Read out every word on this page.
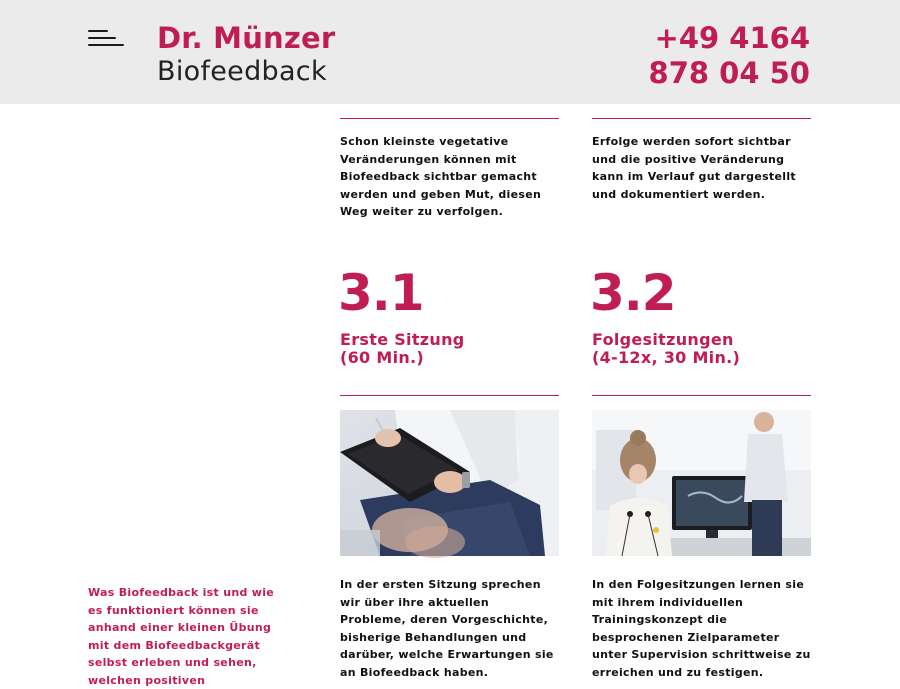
Dr. Münzer
Biofeedback
+49 4164
878 04 50

Schon kleinste vegetative Veränderungen können mit Biofeedback sichtbar gemacht werden und geben Mut, diesen Weg weiter zu verfolgen.

Erfolge werden sofort sichtbar und die positive Veränderung kann im Verlauf gut dargestellt und dokumentiert werden.

3.1
Erste Sitzung
(60 Min.)
3.2
Folgesitzungen
(4-12x, 30 Min.)

In der ersten Sitzung sprechen wir über ihre aktuellen Probleme, deren Vorgeschichte, bisherige Behandlungen und darüber, welche Erwartungen sie an Biofeedback haben.

In den Folgesitzungen lernen sie mit ihrem individuellen Trainingskonzept die besprochenen Zielparameter unter Supervision schrittweise zu erreichen und zu festigen.

Was Biofeedback ist und wie es funktioniert können sie anhand einer kleinen Übung mit dem Biofeedbackgerät selbst erleben und sehen, welchen positiven
